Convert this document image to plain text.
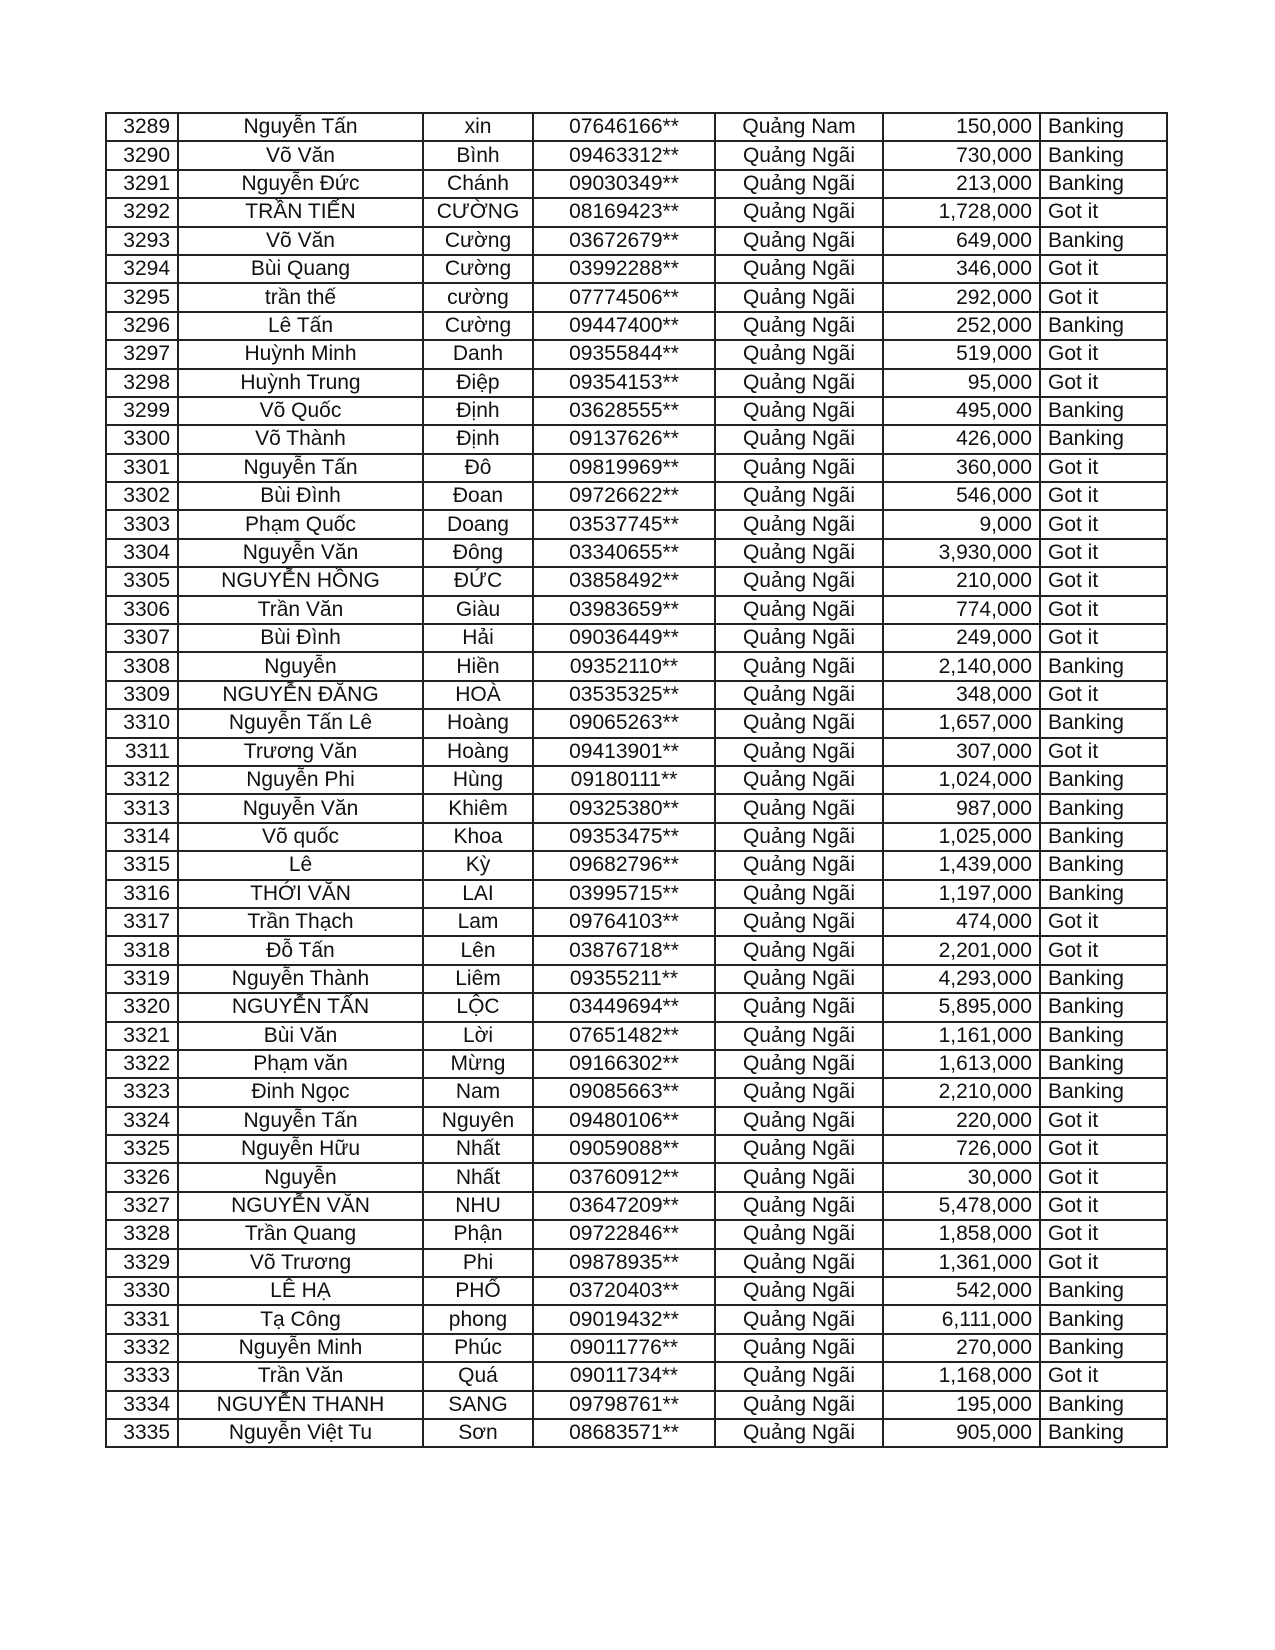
3289	Nguyễn Tấn	xin	07646166**	Quảng Nam	150,000	Banking
3290	Võ Văn	Bình	09463312**	Quảng Ngãi	730,000	Banking
3291	Nguyễn Đức	Chánh	09030349**	Quảng Ngãi	213,000	Banking
3292	TRẦN TIẾN	CƯỜNG	08169423**	Quảng Ngãi	1,728,000	Got it
3293	Võ Văn	Cường	03672679**	Quảng Ngãi	649,000	Banking
3294	Bùi Quang	Cường	03992288**	Quảng Ngãi	346,000	Got it
3295	trần thế	cường	07774506**	Quảng Ngãi	292,000	Got it
3296	Lê Tấn	Cường	09447400**	Quảng Ngãi	252,000	Banking
3297	Huỳnh Minh	Danh	09355844**	Quảng Ngãi	519,000	Got it
3298	Huỳnh Trung	Điệp	09354153**	Quảng Ngãi	95,000	Got it
3299	Võ Quốc	Định	03628555**	Quảng Ngãi	495,000	Banking
3300	Võ Thành	Định	09137626**	Quảng Ngãi	426,000	Banking
3301	Nguyễn Tấn	Đô	09819969**	Quảng Ngãi	360,000	Got it
3302	Bùi Đình	Đoan	09726622**	Quảng Ngãi	546,000	Got it
3303	Phạm Quốc	Doang	03537745**	Quảng Ngãi	9,000	Got it
3304	Nguyễn Văn	Đông	03340655**	Quảng Ngãi	3,930,000	Got it
3305	NGUYỄN HỒNG	ĐỨC	03858492**	Quảng Ngãi	210,000	Got it
3306	Trần Văn	Giàu	03983659**	Quảng Ngãi	774,000	Got it
3307	Bùi Đình	Hải	09036449**	Quảng Ngãi	249,000	Got it
3308	Nguyễn	Hiền	09352110**	Quảng Ngãi	2,140,000	Banking
3309	NGUYỄN ĐĂNG	HOÀ	03535325**	Quảng Ngãi	348,000	Got it
3310	Nguyễn Tấn Lê	Hoàng	09065263**	Quảng Ngãi	1,657,000	Banking
3311	Trương Văn	Hoàng	09413901**	Quảng Ngãi	307,000	Got it
3312	Nguyễn Phi	Hùng	09180111**	Quảng Ngãi	1,024,000	Banking
3313	Nguyễn Văn	Khiêm	09325380**	Quảng Ngãi	987,000	Banking
3314	Võ quốc	Khoa	09353475**	Quảng Ngãi	1,025,000	Banking
3315	Lê	Kỳ	09682796**	Quảng Ngãi	1,439,000	Banking
3316	THỚI VĂN	LAI	03995715**	Quảng Ngãi	1,197,000	Banking
3317	Trần Thạch	Lam	09764103**	Quảng Ngãi	474,000	Got it
3318	Đỗ Tấn	Lên	03876718**	Quảng Ngãi	2,201,000	Got it
3319	Nguyễn Thành	Liêm	09355211**	Quảng Ngãi	4,293,000	Banking
3320	NGUYỄN TẤN	LỘC	03449694**	Quảng Ngãi	5,895,000	Banking
3321	Bùi Văn	Lời	07651482**	Quảng Ngãi	1,161,000	Banking
3322	Phạm văn	Mừng	09166302**	Quảng Ngãi	1,613,000	Banking
3323	Đinh Ngọc	Nam	09085663**	Quảng Ngãi	2,210,000	Banking
3324	Nguyễn Tấn	Nguyên	09480106**	Quảng Ngãi	220,000	Got it
3325	Nguyễn Hữu	Nhất	09059088**	Quảng Ngãi	726,000	Got it
3326	Nguyễn	Nhất	03760912**	Quảng Ngãi	30,000	Got it
3327	NGUYỄN VĂN	NHU	03647209**	Quảng Ngãi	5,478,000	Got it
3328	Trần Quang	Phận	09722846**	Quảng Ngãi	1,858,000	Got it
3329	Võ Trương	Phi	09878935**	Quảng Ngãi	1,361,000	Got it
3330	LÊ HẠ	PHỐ	03720403**	Quảng Ngãi	542,000	Banking
3331	Tạ Công	phong	09019432**	Quảng Ngãi	6,111,000	Banking
3332	Nguyễn Minh	Phúc	09011776**	Quảng Ngãi	270,000	Banking
3333	Trần Văn	Quá	09011734**	Quảng Ngãi	1,168,000	Got it
3334	NGUYỄN THANH	SANG	09798761**	Quảng Ngãi	195,000	Banking
3335	Nguyễn Việt Tu	Sơn	08683571**	Quảng Ngãi	905,000	Banking
